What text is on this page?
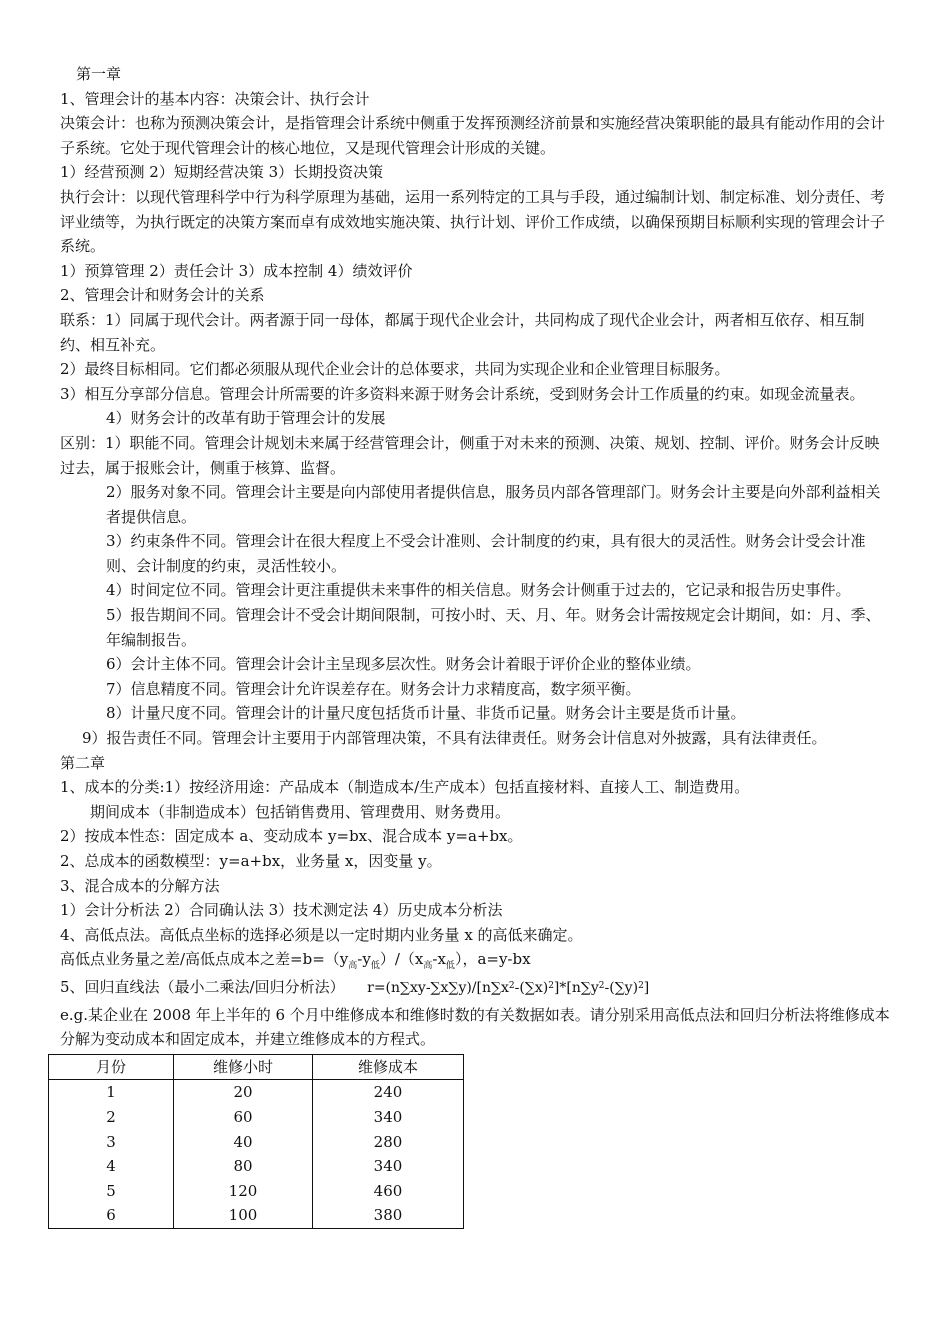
第一章

1、管理会计的基本内容：决策会计、执行会计

决策会计：也称为预测决策会计，是指管理会计系统中侧重于发挥预测经济前景和实施经营决策职能的最具有能动作用的会计子系统。它处于现代管理会计的核心地位，又是现代管理会计形成的关键。

1）经营预测 2）短期经营决策 3）长期投资决策

执行会计：以现代管理科学中行为科学原理为基础，运用一系列特定的工具与手段，通过编制计划、制定标准、划分责任、考评业绩等，为执行既定的决策方案而卓有成效地实施决策、执行计划、评价工作成绩，以确保预期目标顺利实现的管理会计子系统。

1）预算管理 2）责任会计 3）成本控制 4）绩效评价

2、管理会计和财务会计的关系

联系：1）同属于现代会计。两者源于同一母体，都属于现代企业会计，共同构成了现代企业会计，两者相互依存、相互制约、相互补充。

2）最终目标相同。它们都必须服从现代企业会计的总体要求，共同为实现企业和企业管理目标服务。

3）相互分享部分信息。管理会计所需要的许多资料来源于财务会计系统，受到财务会计工作质量的约束。如现金流量表。

4）财务会计的改革有助于管理会计的发展

区别：1）职能不同。管理会计规划未来属于经营管理会计，侧重于对未来的预测、决策、规划、控制、评价。财务会计反映过去，属于报账会计，侧重于核算、监督。

2）服务对象不同。管理会计主要是向内部使用者提供信息，服务员内部各管理部门。财务会计主要是向外部利益相关者提供信息。

3）约束条件不同。管理会计在很大程度上不受会计准则、会计制度的约束，具有很大的灵活性。财务会计受会计准则、会计制度的约束，灵活性较小。

4）时间定位不同。管理会计更注重提供未来事件的相关信息。财务会计侧重于过去的，它记录和报告历史事件。　　　5）报告期间不同。管理会计不受会计期间限制，可按小时、天、月、年。财务会计需按规定会计期间，如：月、季、年编制报告。

6）会计主体不同。管理会计会计主呈现多层次性。财务会计着眼于评价企业的整体业绩。

7）信息精度不同。管理会计允许误差存在。财务会计力求精度高，数字须平衡。

8）计量尺度不同。管理会计的计量尺度包括货币计量、非货币记量。财务会计主要是货币计量。

9）报告责任不同。管理会计主要用于内部管理决策，不具有法律责任。财务会计信息对外披露，具有法律责任。

第二章

1、成本的分类:1）按经济用途：产品成本（制造成本/生产成本）包括直接材料、直接人工、制造费用。

期间成本（非制造成本）包括销售费用、管理费用、财务费用。

2）按成本性态：固定成本 a、变动成本 y=bx、混合成本 y=a+bx。

2、总成本的函数模型：y=a+bx，业务量 x，因变量 y。

3、混合成本的分解方法

1）会计分析法 2）合同确认法 3）技术测定法 4）历史成本分析法

4、高低点法。高低点坐标的选择必须是以一定时期内业务量 x 的高低来确定。

高低点业务量之差/高低点成本之差$=b=(y_高-y_低)/(x_高-x_低)$，a=y-bx

5、回归直线法（最小二乘法/回归分析法）　　 $r=(n\sum xy-\sum x\sum y)/[n\sum x^2-(\sum x)^2]*[n\sum y^2-(\sum y)^2]$

e.g.某企业在 2008 年上半年的 6 个月中维修成本和维修时数的有关数据如表。请分别采用高低点法和回归分析法将维修成本分解为变动成本和固定成本，并建立维修成本的方程式。

月份	维修小时	维修成本
1	20	240
2	60	340
3	40	280
4	80	340
5	120	460
6	100	380
